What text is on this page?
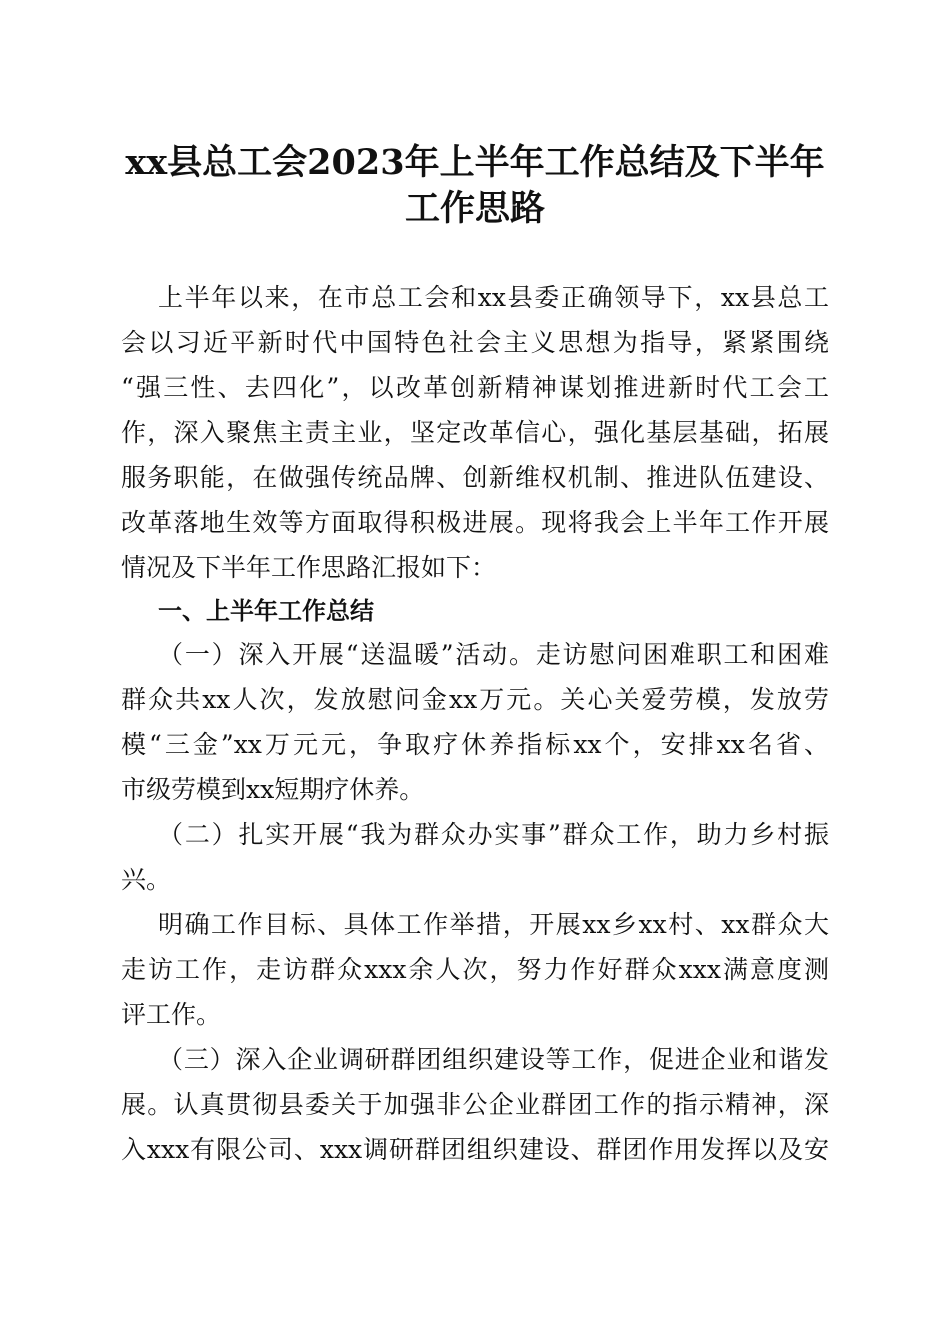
xx县总工会2023年上半年工作总结及下半年
工作思路

上半年以来，在市总工会和xx县委正确领导下，xx县总工

会以习近平新时代中国特色社会主义思想为指导，紧紧围绕

“强三性、去四化”，以改革创新精神谋划推进新时代工会工

作，深入聚焦主责主业，坚定改革信心，强化基层基础，拓展

服务职能，在做强传统品牌、创新维权机制、推进队伍建设、

改革落地生效等方面取得积极进展。现将我会上半年工作开展

情况及下半年工作思路汇报如下：

一、上半年工作总结

（一）深入开展“送温暖”活动。走访慰问困难职工和困难

群众共xx人次，发放慰问金xx万元。关心关爱劳模，发放劳

模“三金”xx万元元，争取疗休养指标xx个，安排xx名省、

市级劳模到xx短期疗休养。

（二）扎实开展“我为群众办实事”群众工作，助力乡村振

兴。

明确工作目标、具体工作举措，开展xx乡xx村、xx群众大

走访工作，走访群众xxx余人次，努力作好群众xxx满意度测

评工作。

（三）深入企业调研群团组织建设等工作，促进企业和谐发

展。认真贯彻县委关于加强非公企业群团工作的指示精神，深

入xxx有限公司、xxx调研群团组织建设、群团作用发挥以及安
